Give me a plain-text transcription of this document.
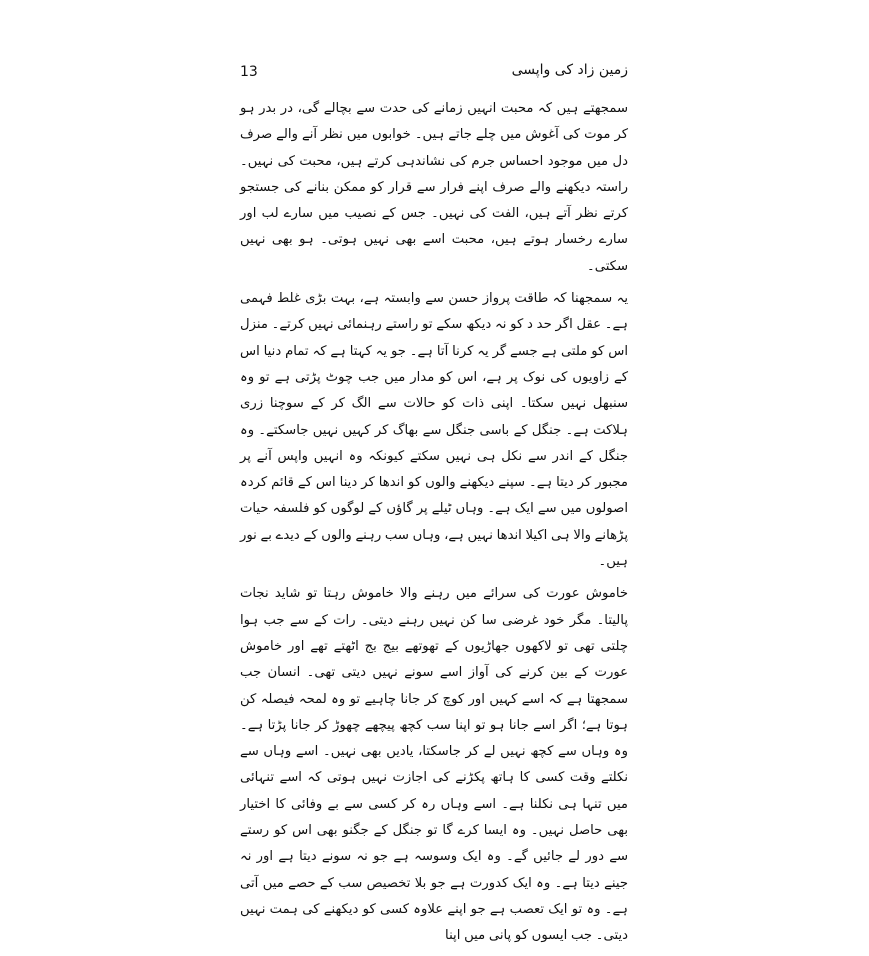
13	زمین زاد کی واپسی

سمجھتے ہیں کہ محبت انہیں زمانے کی حدت سے بچالے گی، در بدر ہو کر موت کی آغوش میں چلے جاتے ہیں۔ خوابوں میں نظر آنے والے صرف دل میں موجود احساس جرم کی نشاندہی کرتے ہیں، محبت کی نہیں۔ راستہ دیکھنے والے صرف اپنے فرار سے قرار کو ممکن بنانے کی جستجو کرتے نظر آتے ہیں، الفت کی نہیں۔ جس کے نصیب میں سارے لب اور سارے رخسار ہوتے ہیں، محبت اسے بھی نہیں ہوتی۔ ہو بھی نہیں سکتی۔

یہ سمجھنا کہ طاقت پرواز حسن سے وابستہ ہے، بہت بڑی غلط فہمی ہے۔ عقل اگر حد د کو نہ دیکھ سکے تو راستے رہنمائی نہیں کرتے۔ منزل اس کو ملتی ہے جسے گر یہ کرنا آتا ہے۔ جو یہ کہتا ہے کہ تمام دنیا اس کے زاویوں کی نوک پر ہے، اس کو مدار میں جب چوٹ پڑتی ہے تو وہ سنبھل نہیں سکتا۔ اپنی ذات کو حالات سے الگ کر کے سوچنا زری ہلاکت ہے۔ جنگل کے باسی جنگل سے بھاگ کر کہیں نہیں جاسکتے۔ وہ جنگل کے اندر سے نکل ہی نہیں سکتے کیونکہ وہ انہیں واپس آنے پر مجبور کر دیتا ہے۔ سپنے دیکھنے والوں کو اندھا کر دینا اس کے قائم کردہ اصولوں میں سے ایک ہے۔ وہاں ٹیلے پر گاؤں کے لوگوں کو فلسفہ حیات پڑھانے والا ہی اکیلا اندھا نہیں ہے، وہاں سب رہنے والوں کے دیدے بے نور ہیں۔

خاموش عورت کی سرائے میں رہنے والا خاموش رہتا تو شاید نجات پالیتا۔ مگر خود غرضی سا کن نہیں رہنے دیتی۔ رات کے سے جب ہوا چلتی تھی تو لاکھوں جھاڑیوں کے تھوتھے بیج بج اٹھتے تھے اور خاموش عورت کے بین کرنے کی آواز اسے سونے نہیں دیتی تھی۔ انسان جب سمجھتا ہے کہ اسے کہیں اور کوچ کر جانا چاہیے تو وہ لمحہ فیصلہ کن ہوتا ہے؛ اگر اسے جانا ہو تو اپنا سب کچھ پیچھے چھوڑ کر جانا پڑتا ہے۔ وہ وہاں سے کچھ نہیں لے کر جاسکتا، یادیں بھی نہیں۔ اسے وہاں سے نکلتے وقت کسی کا ہاتھ پکڑنے کی اجازت نہیں ہوتی کہ اسے تنہائی میں تنہا ہی نکلنا ہے۔ اسے وہاں رہ کر کسی سے بے وفائی کا اختیار بھی حاصل نہیں۔ وہ ایسا کرے گا تو جنگل کے جگنو بھی اس کو رستے سے دور لے جائیں گے۔ وہ ایک وسوسہ ہے جو نہ سونے دیتا ہے اور نہ جینے دیتا ہے۔ وہ ایک کدورت ہے جو بلا تخصیص سب کے حصے میں آتی ہے۔ وہ تو ایک تعصب ہے جو اپنے علاوہ کسی کو دیکھنے کی ہمت نہیں دیتی۔ جب ایسوں کو پانی میں اپنا
